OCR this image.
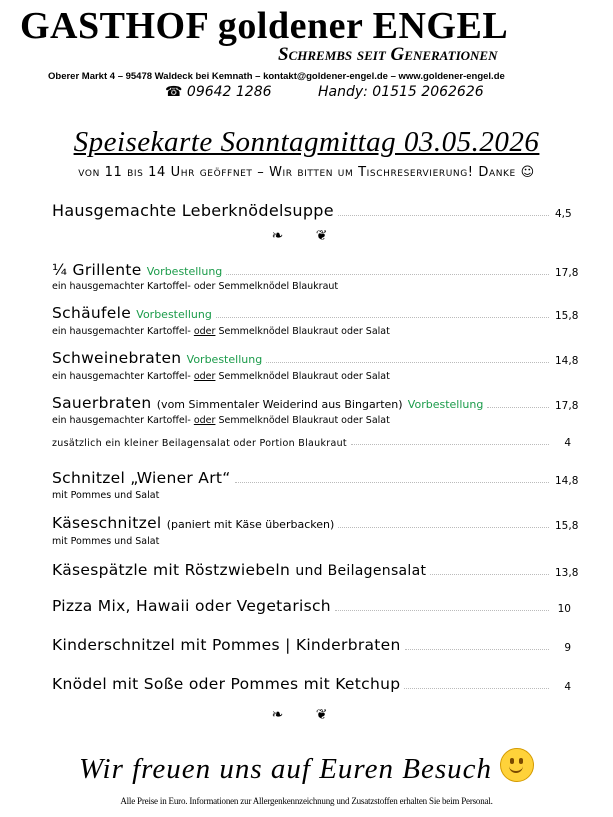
GASTHOF goldener ENGEL
Schrembs seit Generationen
Oberer Markt 4 – 95478 Waldeck bei Kemnath – kontakt@goldener-engel.de – www.goldener-engel.de
☎ 09642 1286	Handy: 01515 2062626
Speisekarte Sonntagmittag 03.05.2026
von 11 bis 14 Uhr geöffnet – Wir bitten um Tischreservierung! Danke ☺
Hausgemachte Leberknödelsuppe	4,5
❧ ❦
¼ Grillente Vorbestellung	17,8
ein hausgemachter Kartoffel- oder Semmelknödel Blaukraut
Schäufele Vorbestellung	15,8
ein hausgemachter Kartoffel- oder Semmelknödel Blaukraut oder Salat
Schweinebraten Vorbestellung	14,8
ein hausgemachter Kartoffel- oder Semmelknödel Blaukraut oder Salat
Sauerbraten (vom Simmentaler Weiderind aus Bingarten) Vorbestellung	17,8
ein hausgemachter Kartoffel- oder Semmelknödel Blaukraut oder Salat
zusätzlich ein kleiner Beilagensalat oder Portion Blaukraut	4
Schnitzel „Wiener Art“	14,8
mit Pommes und Salat
Käseschnitzel (paniert mit Käse überbacken)	15,8
mit Pommes und Salat
Käsespätzle mit Röstzwiebeln und Beilagensalat	13,8
Pizza Mix, Hawaii oder Vegetarisch	10
Kinderschnitzel mit Pommes | Kinderbraten	9
Knödel mit Soße oder Pommes mit Ketchup	4
❧ ❦
Wir freuen uns auf Euren Besuch
Alle Preise in Euro. Informationen zur Allergenkennzeichnung und Zusatzstoffen erhalten Sie beim Personal.
